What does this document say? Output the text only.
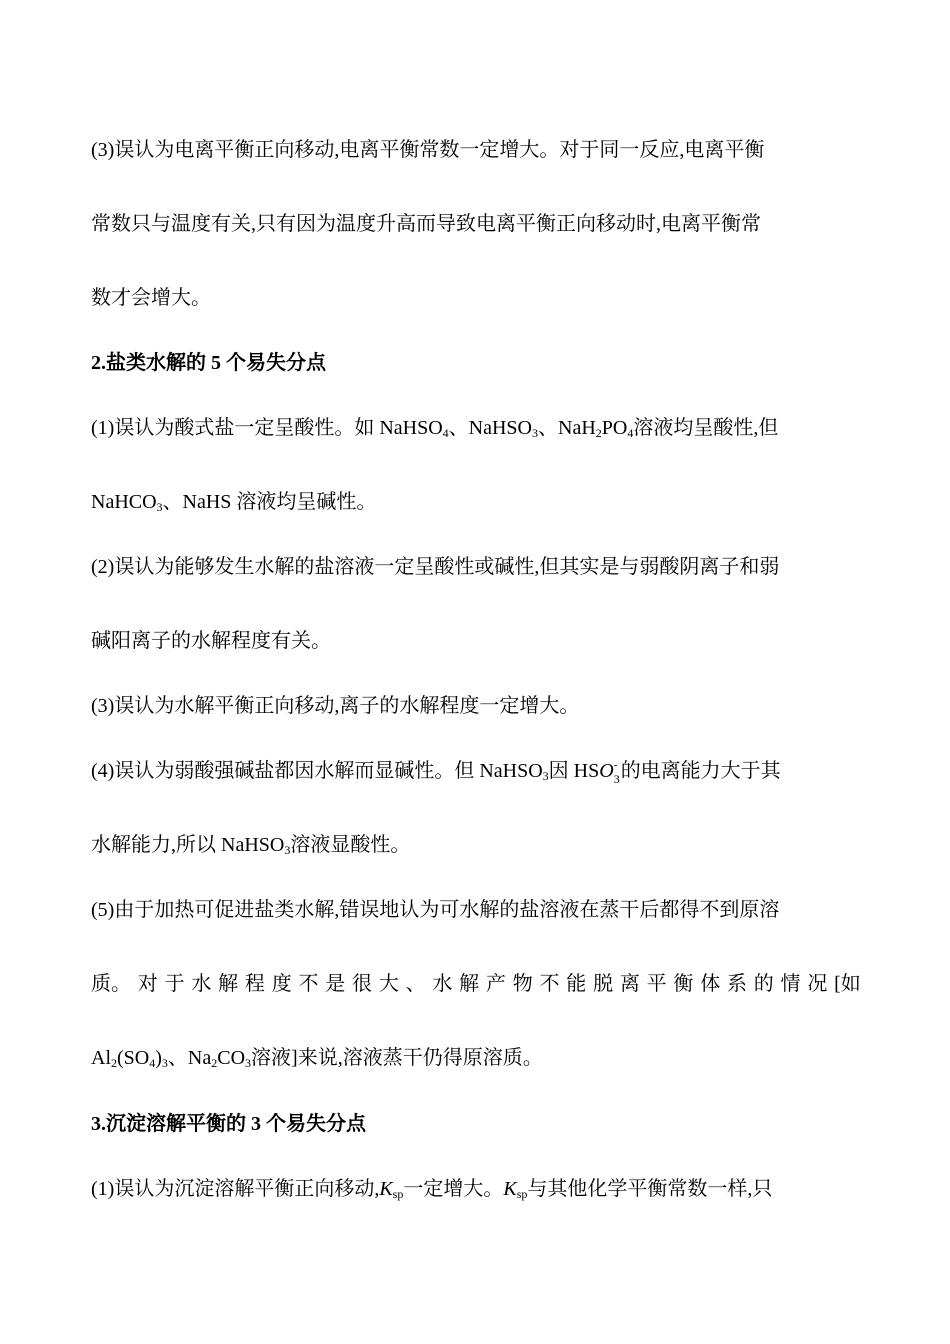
(3)误认为电离平衡正向移动,电离平衡常数一定增大。对于同一反应,电离平衡
常数只与温度有关,只有因为温度升高而导致电离平衡正向移动时,电离平衡常
数才会增大。
2.盐类水解的 5 个易失分点
(1)误认为酸式盐一定呈酸性。如 NaHSO$_4$、NaHSO$_3$、$NaH_2PO_4$溶液均呈酸性,但
NaHCO$_3$、NaHS 溶液均呈碱性。
(2)误认为能够发生水解的盐溶液一定呈酸性或碱性,但其实是与弱酸阴离子和弱
碱阳离子的水解程度有关。
(3)误认为水解平衡正向移动,离子的水解程度一定增大。
(4)误认为弱酸强碱盐都因水解而显碱性。但 NaHSO$_3$因 HSO -
3 的电离能力大于其
水解能力,所以 NaHSO$_3$溶液显酸性。
(5)由于加热可促进盐类水解,错误地认为可水解的盐溶液在蒸干后都得不到原溶
质。 对 于 水 解 程 度 不 是 很 大 、 水 解 产 物 不 能 脱 离 平 衡 体 系 的 情 况 [如
$Al_2(SO_4)_3$、$Na_2CO_3$溶液]来说,溶液蒸干仍得原溶质。
3.沉淀溶解平衡的 3 个易失分点
(1)误认为沉淀溶解平衡正向移动$,K_{sp}$一定增大。$K_{sp}$与其他化学平衡常数一样,只
